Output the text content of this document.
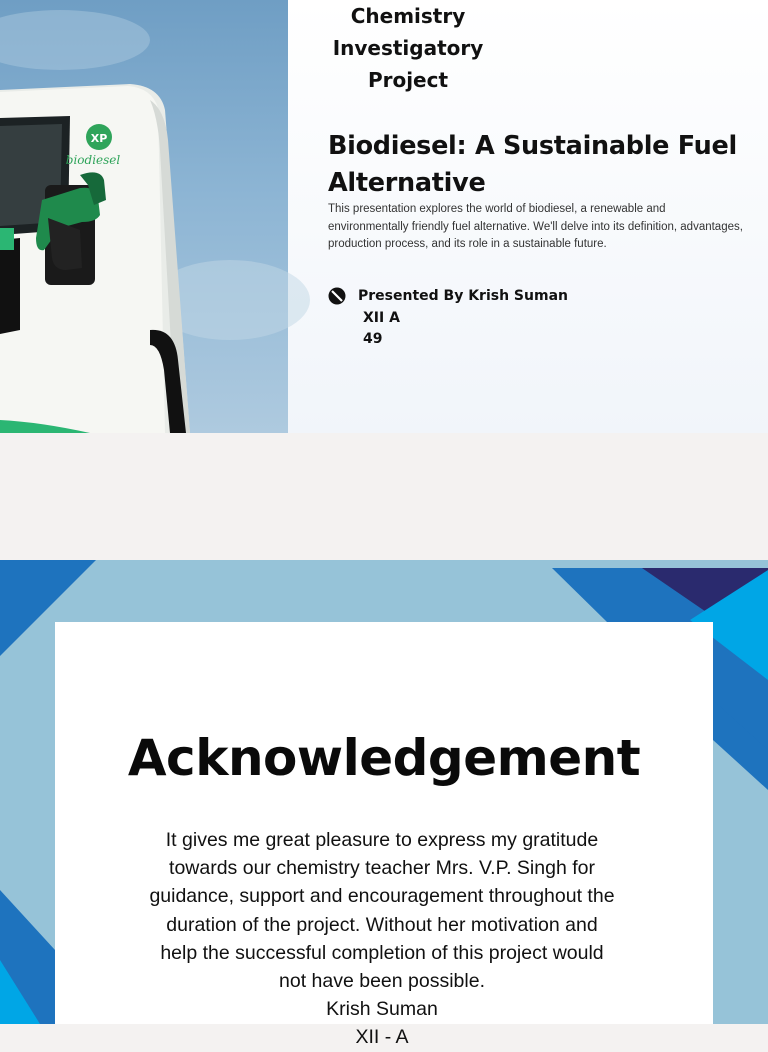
XP
biodiesel
Chemistry
Investigatory
Project
Biodiesel: A Sustainable Fuel Alternative

This presentation explores the world of biodiesel, a renewable and environmentally friendly fuel alternative. We'll delve into its definition, advantages, production process, and its role in a sustainable future.

Presented By Krish Suman
XII A
49
Acknowledgement

It gives me great pleasure to express my gratitude
towards our chemistry teacher Mrs. V.P. Singh for
guidance, support and encouragement throughout the
duration of the project. Without her motivation and
help the successful completion of this project would
not have been possible.
Krish Suman
XII - A
